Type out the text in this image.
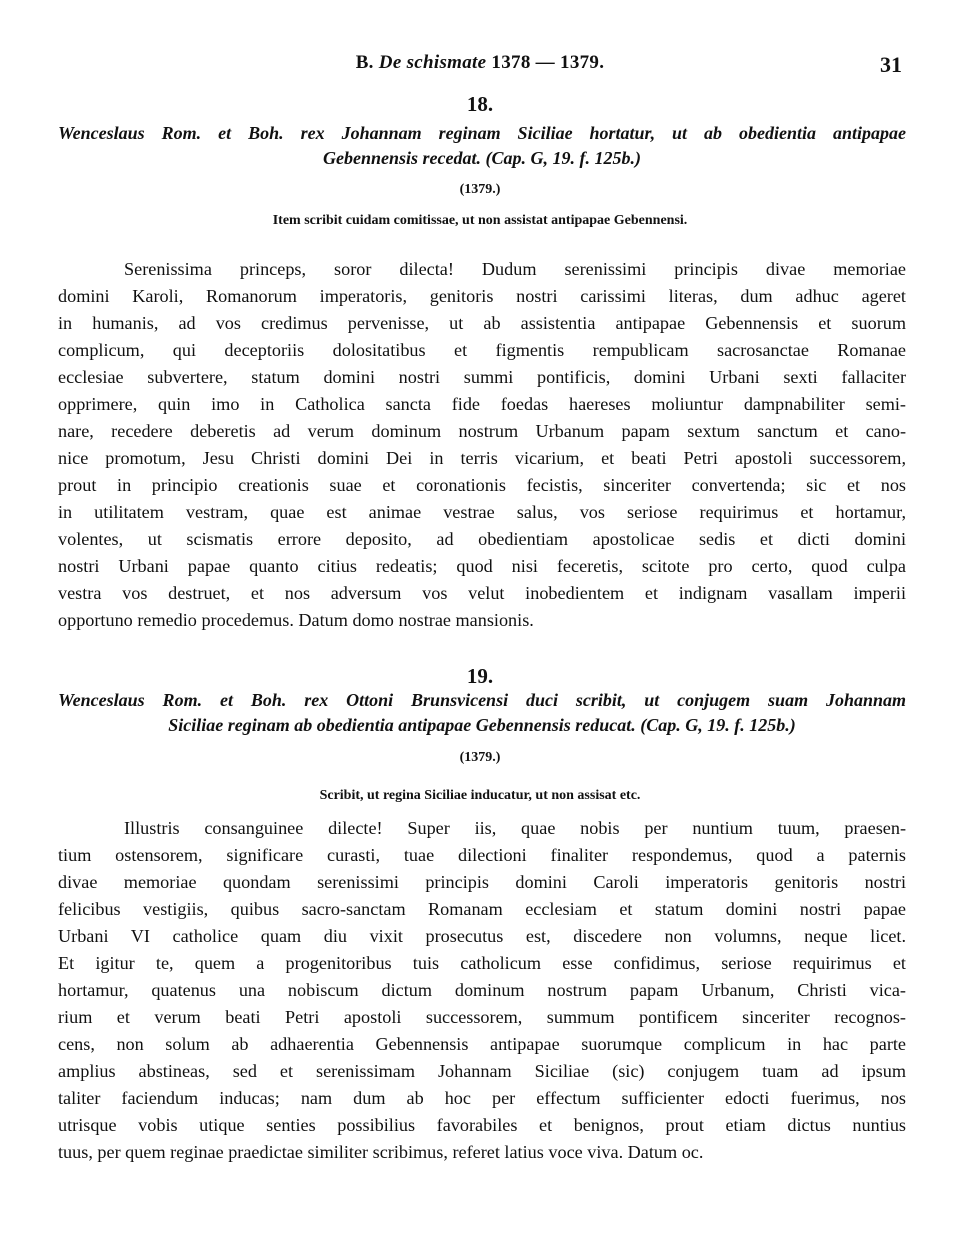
B. De schismate 1378 — 1379.	31
18.
Wenceslaus Rom. et Boh. rex Johannam reginam Siciliae hortatur, ut ab obedientia antipapae
Gebennensis recedat. (Cap. G, 19. f. 125b.)
(1379.)
Item scribit cuidam comitissae, ut non assistat antipapae Gebennensi.
Serenissima princeps, soror dilecta! Dudum serenissimi principis divae memoriae
domini Karoli, Romanorum imperatoris, genitoris nostri carissimi literas, dum adhuc ageret
in humanis, ad vos credimus pervenisse, ut ab assistentia antipapae Gebennensis et suorum
complicum, qui deceptoriis dolositatibus et figmentis rempublicam sacrosanctae Romanae
ecclesiae subvertere, statum domini nostri summi pontificis, domini Urbani sexti fallaciter
opprimere, quin imo in Catholica sancta fide foedas haereses moliuntur dampnabiliter semi-
nare, recedere deberetis ad verum dominum nostrum Urbanum papam sextum sanctum et cano-
nice promotum, Jesu Christi domini Dei in terris vicarium, et beati Petri apostoli successorem,
prout in principio creationis suae et coronationis fecistis, sinceriter convertenda; sic et nos
in utilitatem vestram, quae est animae vestrae salus, vos seriose requirimus et hortamur,
volentes, ut scismatis errore deposito, ad obedientiam apostolicae sedis et dicti domini
nostri Urbani papae quanto citius redeatis; quod nisi feceretis, scitote pro certo, quod culpa
vestra vos destruet, et nos adversum vos velut inobedientem et indignam vasallam imperii
opportuno remedio procedemus. Datum domo nostrae mansionis.
19.
Wenceslaus Rom. et Boh. rex Ottoni Brunsvicensi duci scribit, ut conjugem suam Johannam
Siciliae reginam ab obedientia antipapae Gebennensis reducat. (Cap. G, 19. f. 125b.)
(1379.)
Scribit, ut regina Siciliae inducatur, ut non assisat etc.
Illustris consanguinee dilecte! Super iis, quae nobis per nuntium tuum, praesen-
tium ostensorem, significare curasti, tuae dilectioni finaliter respondemus, quod a paternis
divae memoriae quondam serenissimi principis domini Caroli imperatoris genitoris nostri
felicibus vestigiis, quibus sacro-sanctam Romanam ecclesiam et statum domini nostri papae
Urbani VI catholice quam diu vixit prosecutus est, discedere non volumns, neque licet.
Et igitur te, quem a progenitoribus tuis catholicum esse confidimus, seriose requirimus et
hortamur, quatenus una nobiscum dictum dominum nostrum papam Urbanum, Christi vica-
rium et verum beati Petri apostoli successorem, summum pontificem sinceriter recognos-
cens, non solum ab adhaerentia Gebennensis antipapae suorumque complicum in hac parte
amplius abstineas, sed et serenissimam Johannam Siciliae (sic) conjugem tuam ad ipsum
taliter faciendum inducas; nam dum ab hoc per effectum sufficienter edocti fuerimus, nos
utrisque vobis utique senties possibilius favorabiles et benignos, prout etiam dictus nuntius
tuus, per quem reginae praedictae similiter scribimus, referet latius voce viva. Datum oc.
